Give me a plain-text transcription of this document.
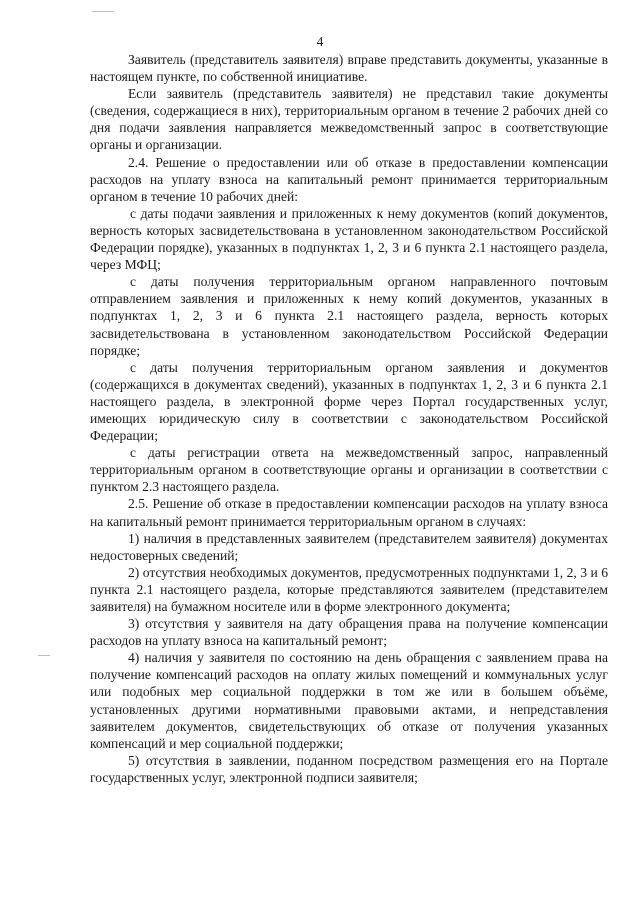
4

Заявитель (представитель заявителя) вправе представить документы, указанные в настоящем пункте, по собственной инициативе.

Если заявитель (представитель заявителя) не представил такие документы (сведения, содержащиеся в них), территориальным органом в течение 2 рабочих дней со дня подачи заявления направляется межведомственный запрос в соответствующие органы и организации.

2.4. Решение о предоставлении или об отказе в предоставлении компенсации расходов на уплату взноса на капитальный ремонт принимается территориальным органом в течение 10 рабочих дней:

с даты подачи заявления и приложенных к нему документов (копий документов, верность которых засвидетельствована в установленном законодательством Российской Федерации порядке), указанных в подпунктах 1, 2, 3 и 6 пункта 2.1 настоящего раздела, через МФЦ;

с даты получения территориальным органом направленного почтовым отправлением заявления и приложенных к нему копий документов, указанных в подпунктах 1, 2, 3 и 6 пункта 2.1 настоящего раздела, верность которых засвидетельствована в установленном законодательством Российской Федерации порядке;

с даты получения территориальным органом заявления и документов (содержащихся в документах сведений), указанных в подпунктах 1, 2, 3 и 6 пункта 2.1 настоящего раздела, в электронной форме через Портал государственных услуг, имеющих юридическую силу в соответствии с законодательством Российской Федерации;

с даты регистрации ответа на межведомственный запрос, направленный территориальным органом в соответствующие органы и организации в соответствии с пунктом 2.3 настоящего раздела.

2.5. Решение об отказе в предоставлении компенсации расходов на уплату взноса на капитальный ремонт принимается территориальным органом в случаях:

1) наличия в представленных заявителем (представителем заявителя) документах недостоверных сведений;

2) отсутствия необходимых документов, предусмотренных подпунктами 1, 2, 3 и 6 пункта 2.1 настоящего раздела, которые представляются заявителем (представителем заявителя) на бумажном носителе или в форме электронного документа;

3) отсутствия у заявителя на дату обращения права на получение компенсации расходов на уплату взноса на капитальный ремонт;

4) наличия у заявителя по состоянию на день обращения с заявлением права на получение компенсаций расходов на оплату жилых помещений и коммунальных услуг или подобных мер социальной поддержки в том же или в большем объёме, установленных другими нормативными правовыми актами, и непредставления заявителем документов, свидетельствующих об отказе от получения указанных компенсаций и мер социальной поддержки;

5) отсутствия в заявлении, поданном посредством размещения его на Портале государственных услуг, электронной подписи заявителя;
